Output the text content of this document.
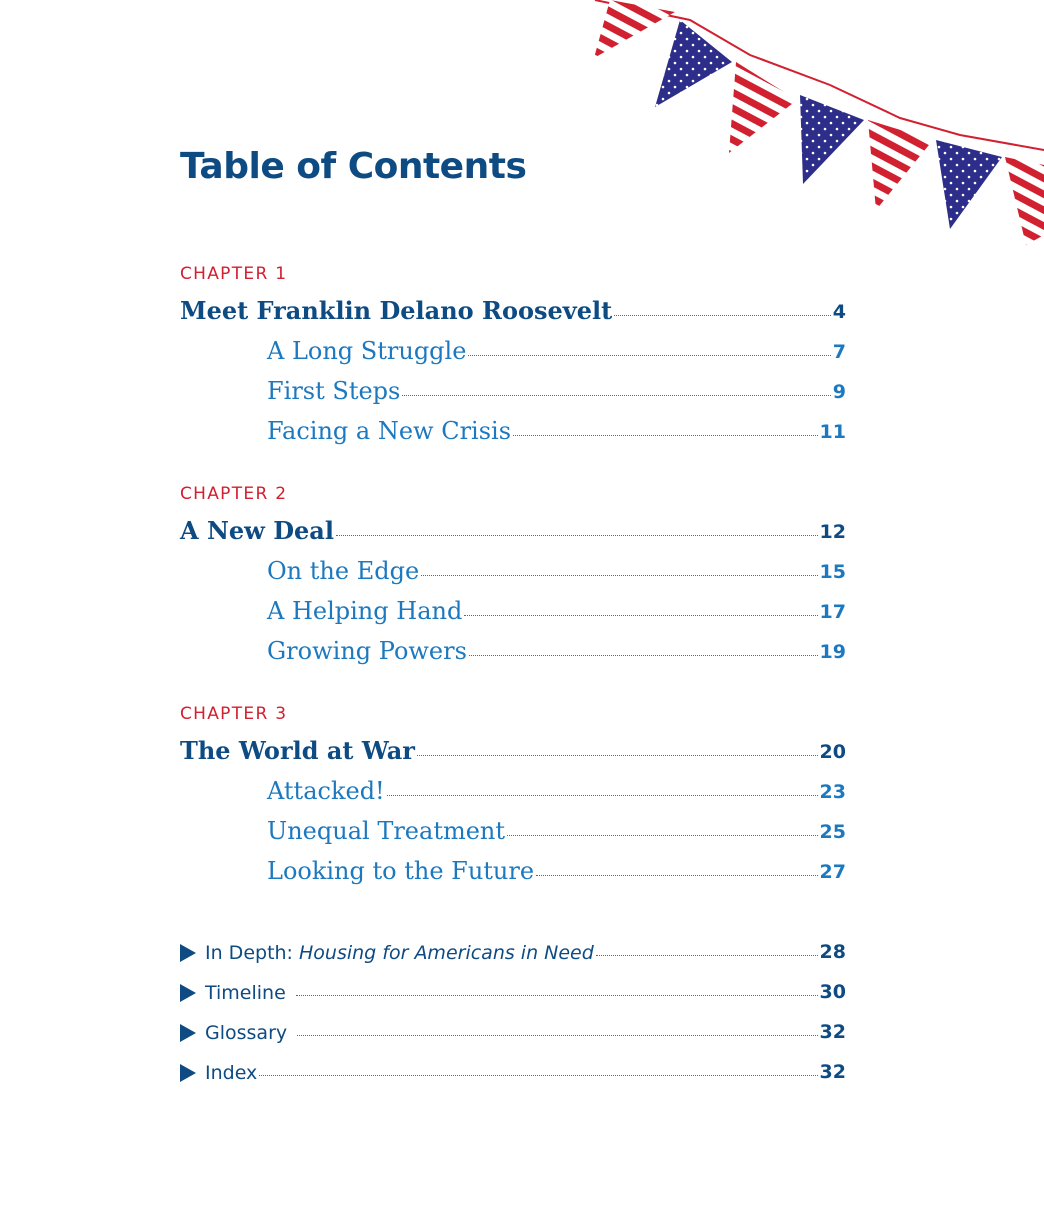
Table of Contents
CHAPTER 1
Meet Franklin Delano Roosevelt	4
A Long Struggle	7
First Steps	9
Facing a New Crisis	11
CHAPTER 2
A New Deal	12
On the Edge	15
A Helping Hand	17
Growing Powers	19
CHAPTER 3
The World at War	20
Attacked!	23
Unequal Treatment	25
Looking to the Future	27
In Depth: Housing for Americans in Need	28
Timeline	30
Glossary	32
Index	32
